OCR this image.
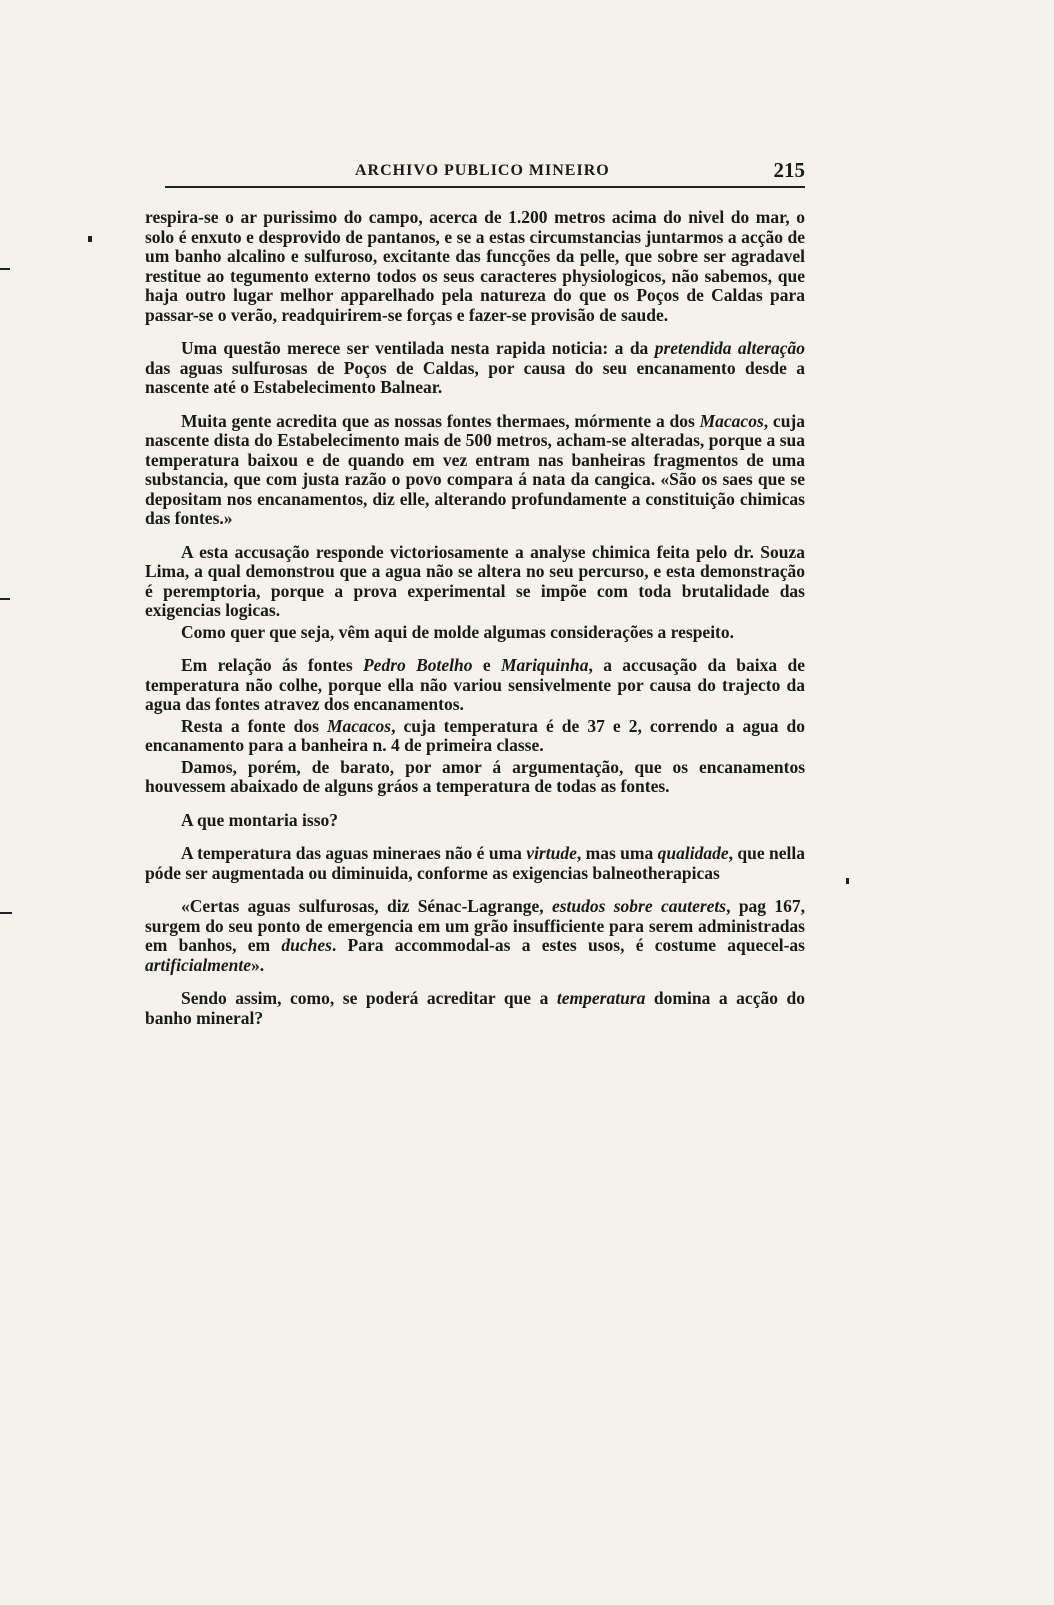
ARCHIVO PUBLICO MINEIRO	215

respira-se o ar purissimo do campo, acerca de 1.200 metros acima do nivel do mar, o solo é enxuto e desprovido de pantanos, e se a estas circumstancias juntarmos a acção de um banho alcalino e sulfuroso, excitante das funcções da pelle, que sobre ser agradavel restitue ao tegumento externo todos os seus caracteres physiologicos, não sabemos, que haja outro lugar melhor apparelhado pela natureza do que os Poços de Caldas para passar-se o verão, readquirirem-se forças e fazer-se provisão de saude.

Uma questão merece ser ventilada nesta rapida noticia: a da pretendida alteração das aguas sulfurosas de Poços de Caldas, por causa do seu encanamento desde a nascente até o Estabelecimento Balnear.

Muita gente acredita que as nossas fontes thermaes, mórmente a dos Macacos, cuja nascente dista do Estabelecimento mais de 500 metros, acham-se alteradas, porque a sua temperatura baixou e de quando em vez entram nas banheiras fragmentos de uma substancia, que com justa razão o povo compara á nata da cangica. «São os saes que se depositam nos encanamentos, diz elle, alterando profundamente a constituição chimicas das fontes.»

A esta accusação responde victoriosamente a analyse chimica feita pelo dr. Souza Lima, a qual demonstrou que a agua não se altera no seu percurso, e esta demonstração é peremptoria, porque a prova experimental se impõe com toda brutalidade das exigencias logicas.

Como quer que seja, vêm aqui de molde algumas considerações a respeito.

Em relação ás fontes Pedro Botelho e Mariquinha, a accusação da baixa de temperatura não colhe, porque ella não variou sensivelmente por causa do trajecto da agua das fontes atravez dos encanamentos.

Resta a fonte dos Macacos, cuja temperatura é de 37 e 2, correndo a agua do encanamento para a banheira n. 4 de primeira classe.

Damos, porém, de barato, por amor á argumentação, que os encanamentos houvessem abaixado de alguns gráos a temperatura de todas as fontes.

A que montaria isso?

A temperatura das aguas mineraes não é uma virtude, mas uma qualidade, que nella póde ser augmentada ou diminuida, conforme as exigencias balneotherapicas

«Certas aguas sulfurosas, diz Sénac-Lagrange, estudos sobre cauterets, pag 167, surgem do seu ponto de emergencia em um grão insufficiente para serem administradas em banhos, em duches. Para accommodal-as a estes usos, é costume aquecel-as artificialmente».

Sendo assim, como, se poderá acreditar que a temperatura domina a acção do banho mineral?
